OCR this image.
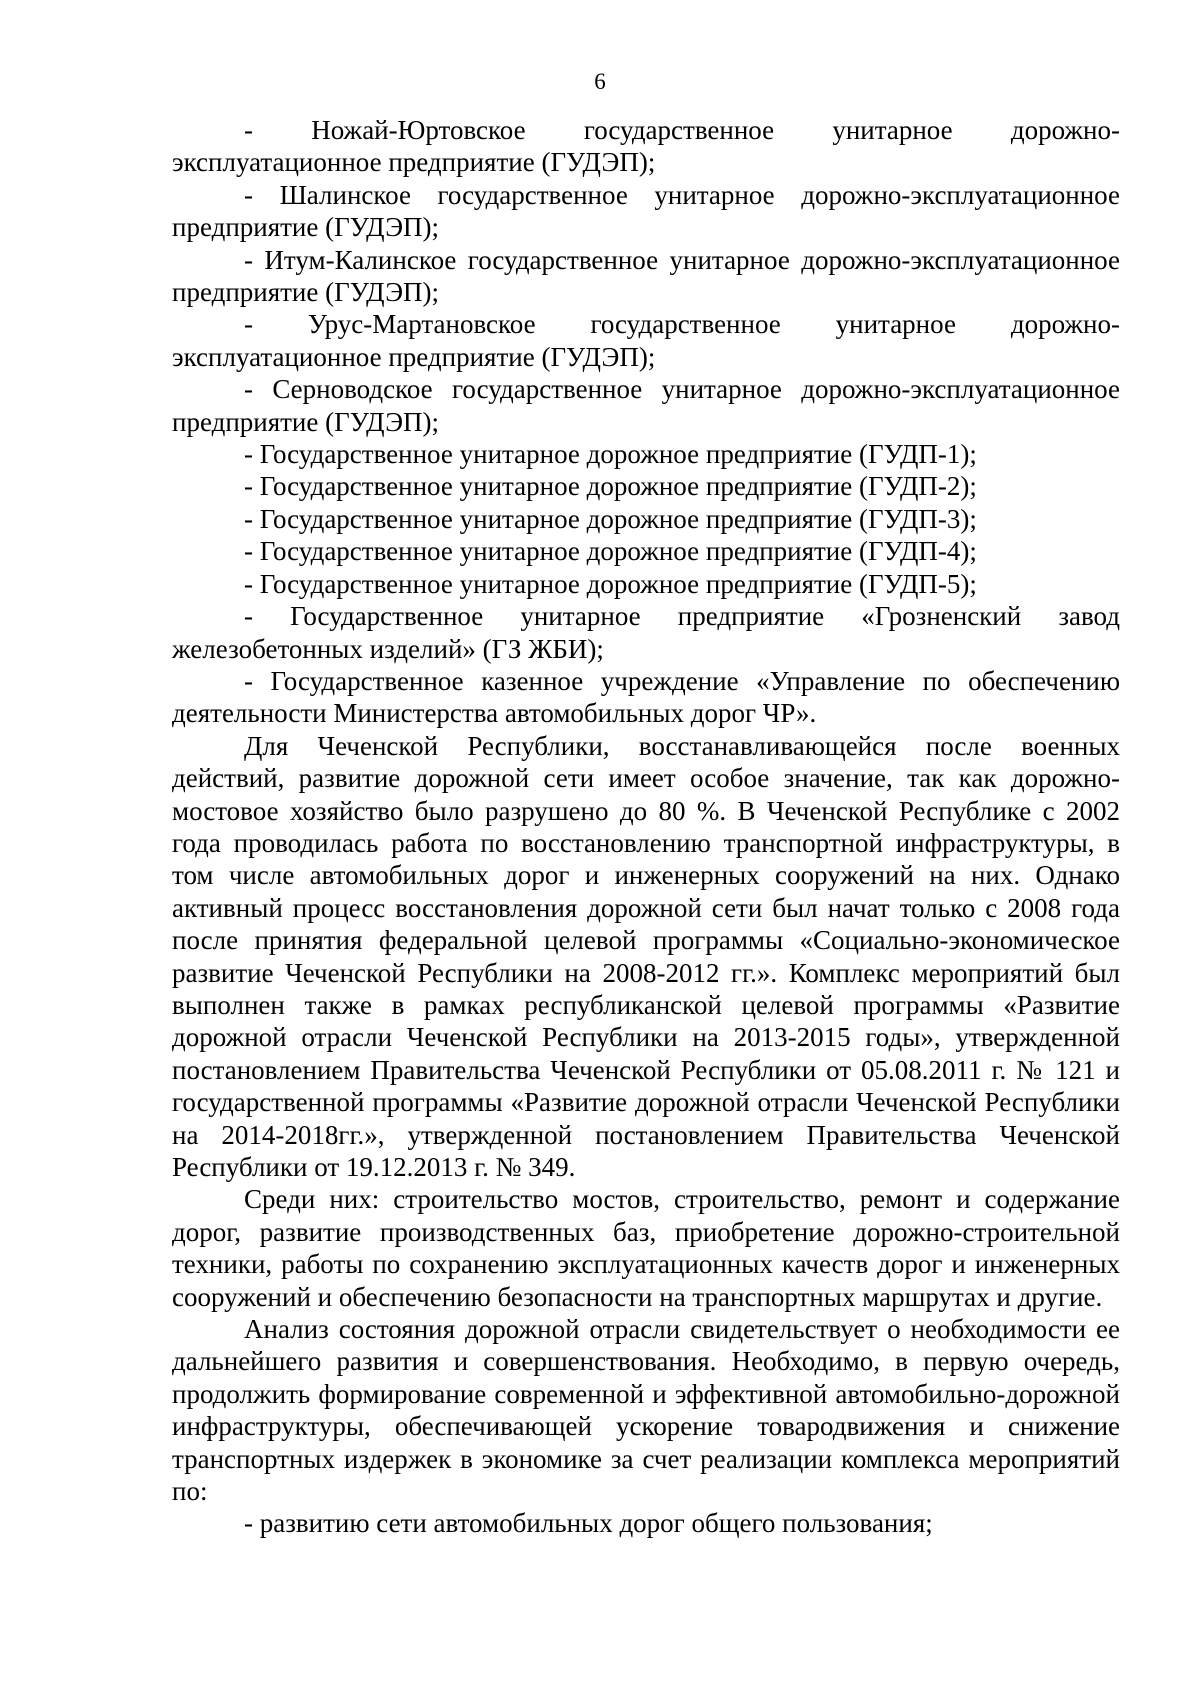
6

- Ножай-Юртовское государственное унитарное дорожно-эксплуатационное предприятие (ГУДЭП);

- Шалинское государственное унитарное дорожно-эксплуатационное предприятие (ГУДЭП);

- Итум-Калинское государственное унитарное дорожно-эксплуатационное предприятие (ГУДЭП);

- Урус-Мартановское государственное унитарное дорожно-эксплуатационное предприятие (ГУДЭП);

- Серноводское государственное унитарное дорожно-эксплуатационное предприятие (ГУДЭП);

- Государственное унитарное дорожное предприятие (ГУДП-1);

- Государственное унитарное дорожное предприятие (ГУДП-2);

- Государственное унитарное дорожное предприятие (ГУДП-3);

- Государственное унитарное дорожное предприятие (ГУДП-4);

- Государственное унитарное дорожное предприятие (ГУДП-5);

- Государственное унитарное предприятие «Грозненский завод железобетонных изделий» (ГЗ ЖБИ);

- Государственное казенное учреждение «Управление по обеспечению деятельности Министерства автомобильных дорог ЧР».

Для Чеченской Республики, восстанавливающейся после военных действий, развитие дорожной сети имеет особое значение, так как дорожно-мостовое хозяйство было разрушено до 80 %. В Чеченской Республике с 2002 года проводилась работа по восстановлению транспортной инфраструктуры, в том числе автомобильных дорог и инженерных сооружений на них. Однако активный процесс восстановления дорожной сети был начат только с 2008 года после принятия федеральной целевой программы «Социально-экономическое развитие Чеченской Республики на 2008-2012 гг.». Комплекс мероприятий был выполнен также в рамках республиканской целевой программы «Развитие дорожной отрасли Чеченской Республики на 2013-2015 годы», утвержденной постановлением Правительства Чеченской Республики от 05.08.2011 г. № 121 и государственной программы «Развитие дорожной отрасли Чеченской Республики на 2014-2018гг.», утвержденной постановлением Правительства Чеченской Республики от 19.12.2013 г. № 349.

Среди них: строительство мостов, строительство, ремонт и содержание дорог, развитие производственных баз, приобретение дорожно-строительной техники, работы по сохранению эксплуатационных качеств дорог и инженерных сооружений и обеспечению безопасности на транспортных маршрутах и другие.

Анализ состояния дорожной отрасли свидетельствует о необходимости ее дальнейшего развития и совершенствования. Необходимо, в первую очередь, продолжить формирование современной и эффективной автомобильно-дорожной инфраструктуры, обеспечивающей ускорение товародвижения и снижение транспортных издержек в экономике за счет реализации комплекса мероприятий по:

- развитию сети автомобильных дорог общего пользования;
